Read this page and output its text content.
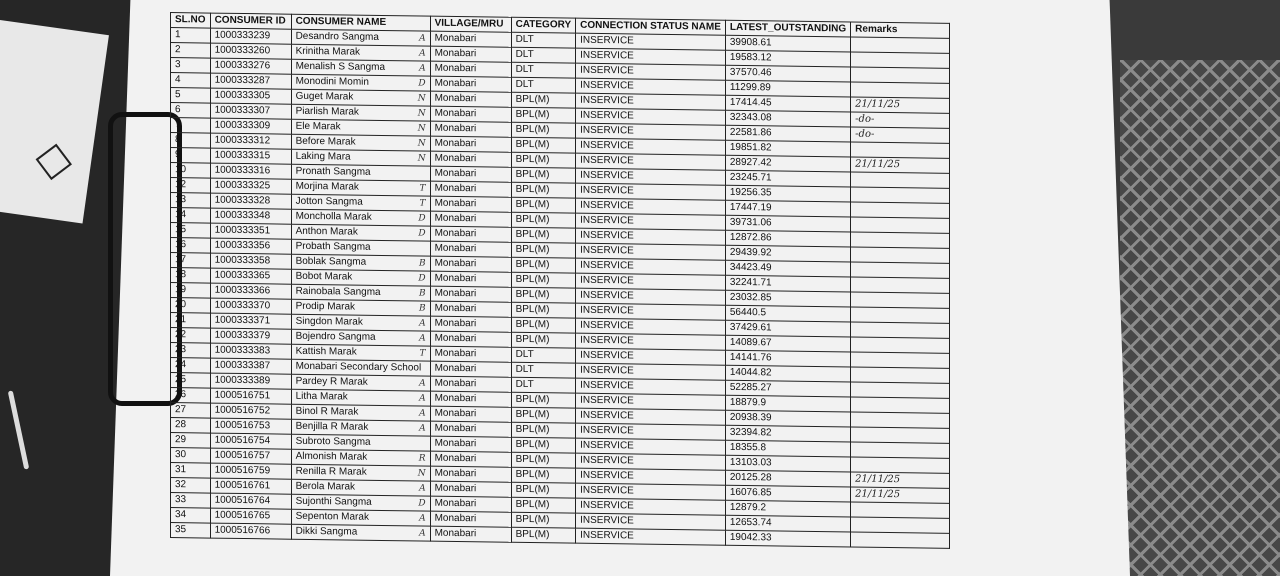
SL.NO	CONSUMER ID	CONSUMER NAME	VILLAGE/MRU	CATEGORY	CONNECTION STATUS NAME	LATEST_OUTSTANDING	Remarks
1	1000333239	Desandro Sangma A	Monabari	DLT	INSERVICE	39908.61	
2	1000333260	Krinitha Marak A	Monabari	DLT	INSERVICE	19583.12	
3	1000333276	Menalish S Sangma A	Monabari	DLT	INSERVICE	37570.46	
4	1000333287	Monodini Momin D	Monabari	DLT	INSERVICE	11299.89	
5	1000333305	Guget Marak N	Monabari	BPL(M)	INSERVICE	17414.45	21/11/25
6	1000333307	Piarlish Marak N	Monabari	BPL(M)	INSERVICE	32343.08	-do-
7	1000333309	Ele Marak N	Monabari	BPL(M)	INSERVICE	22581.86	-do-
8	1000333312	Before Marak N	Monabari	BPL(M)	INSERVICE	19851.82	
9	1000333315	Laking Mara N	Monabari	BPL(M)	INSERVICE	28927.42	21/11/25
10	1000333316	Pronath Sangma	Monabari	BPL(M)	INSERVICE	23245.71	
12	1000333325	Morjina Marak T	Monabari	BPL(M)	INSERVICE	19256.35	
13	1000333328	Jotton Sangma T	Monabari	BPL(M)	INSERVICE	17447.19	
14	1000333348	Moncholla Marak D	Monabari	BPL(M)	INSERVICE	39731.06	
15	1000333351	Anthon Marak D	Monabari	BPL(M)	INSERVICE	12872.86	
16	1000333356	Probath Sangma	Monabari	BPL(M)	INSERVICE	29439.92	
17	1000333358	Boblak Sangma B	Monabari	BPL(M)	INSERVICE	34423.49	
18	1000333365	Bobot Marak D	Monabari	BPL(M)	INSERVICE	32241.71	
19	1000333366	Rainobala Sangma B	Monabari	BPL(M)	INSERVICE	23032.85	
20	1000333370	Prodip Marak B	Monabari	BPL(M)	INSERVICE	56440.5	
21	1000333371	Singdon Marak A	Monabari	BPL(M)	INSERVICE	37429.61	
22	1000333379	Bojendro Sangma A	Monabari	BPL(M)	INSERVICE	14089.67	
23	1000333383	Kattish Marak T	Monabari	DLT	INSERVICE	14141.76	
24	1000333387	Monabari Secondary School	Monabari	DLT	INSERVICE	14044.82	
25	1000333389	Pardey R Marak A	Monabari	DLT	INSERVICE	52285.27	
26	1000516751	Litha Marak A	Monabari	BPL(M)	INSERVICE	18879.9	
27	1000516752	Binol R Marak A	Monabari	BPL(M)	INSERVICE	20938.39	
28	1000516753	Benjilla R Marak A	Monabari	BPL(M)	INSERVICE	32394.82	
29	1000516754	Subroto Sangma	Monabari	BPL(M)	INSERVICE	18355.8	
30	1000516757	Almonish Marak R	Monabari	BPL(M)	INSERVICE	13103.03	
31	1000516759	Renilla R Marak N	Monabari	BPL(M)	INSERVICE	20125.28	21/11/25
32	1000516761	Berola Marak A	Monabari	BPL(M)	INSERVICE	16076.85	21/11/25
33	1000516764	Sujonthi Sangma D	Monabari	BPL(M)	INSERVICE	12879.2	
34	1000516765	Sepenton Marak A	Monabari	BPL(M)	INSERVICE	12653.74	
35	1000516766	Dikki Sangma A	Monabari	BPL(M)	INSERVICE	19042.33	
